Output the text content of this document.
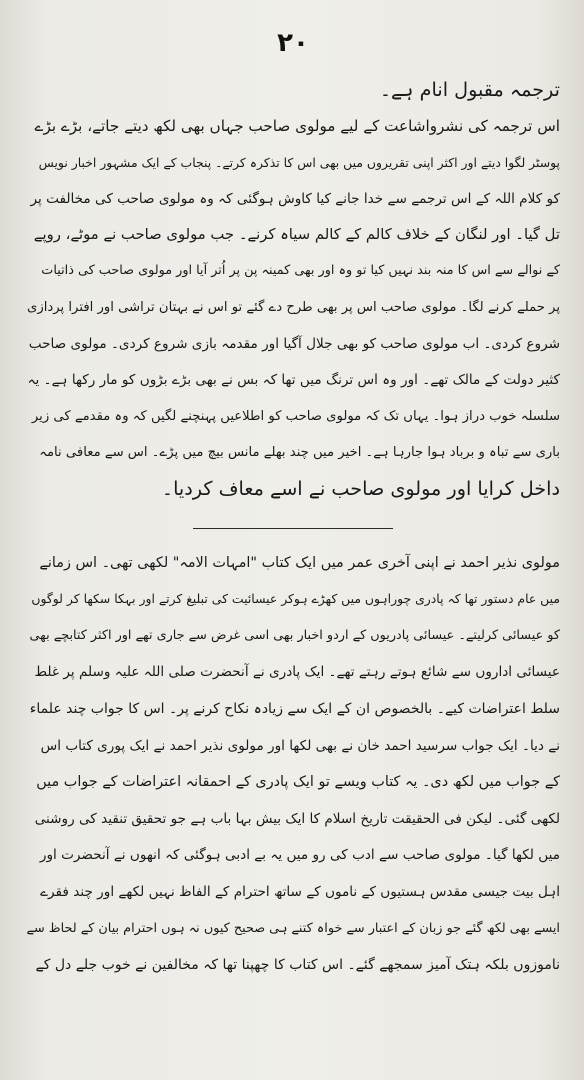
۲۰
ترجمہ مقبول انام ہے۔
اس ترجمہ کی نشرواشاعت کے لیے مولوی صاحب جہاں بھی لکھ دیتے جاتے، بڑے بڑے
پوسٹر لگوا دیتے اور اکثر اپنی تقریروں میں بھی اس کا تذکرہ کرتے۔ پنجاب کے ایک مشہور اخبار نویس
کو کلام اللہ کے اس ترجمے سے خدا جانے کیا کاوش ہوگئی کہ وہ مولوی صاحب کی مخالفت پر
تل گیا۔ اور لنگان کے خلاف کالم کے کالم سیاہ کرنے۔ جب مولوی صاحب نے موٹے، روپے
کے نوالے سے اس کا منہ بند نہیں کیا تو وہ اور بھی کمینہ پن پر اُتر آیا اور مولوی صاحب کی ذاتیات
پر حملے کرنے لگا۔ مولوی صاحب اس پر بھی طرح دے گئے تو اس نے بہتان تراشی اور افترا پردازی
شروع کردی۔ اب مولوی صاحب کو بھی جلال آگیا اور مقدمہ بازی شروع کردی۔ مولوی صاحب
کثیر دولت کے مالک تھے۔ اور وہ اس ترنگ میں تھا کہ بس نے بھی بڑے بڑوں کو مار رکھا ہے۔ یہ
سلسلہ خوب دراز ہوا۔ یہاں تک کہ مولوی صاحب کو اطلاعیں پہنچنے لگیں کہ وہ مقدمے کی زیر
باری سے تباہ و برباد ہوا جارہا ہے۔ اخیر میں چند بھلے مانس بیچ میں پڑے۔ اس سے معافی نامہ
داخل کرایا اور مولوی صاحب نے اسے معاف کردیا۔
مولوی نذیر احمد نے اپنی آخری عمر میں ایک کتاب "امہات الامہ" لکھی تھی۔ اس زمانے
میں عام دستور تھا کہ پادری چوراہوں میں کھڑے ہوکر عیسائیت کی تبلیغ کرتے اور بہکا سکھا کر لوگوں
کو عیسائی کرلیتے۔ عیسائی پادریوں کے اردو اخبار بھی اسی غرض سے جاری تھے اور اکثر کتابچے بھی
عیسائی اداروں سے شائع ہوتے رہتے تھے۔ ایک پادری نے آنحضرت صلی اللہ علیہ وسلم پر غلط
سلط اعتراضات کیے۔ بالخصوص ان کے ایک سے زیادہ نکاح کرنے پر۔ اس کا جواب چند علماء
نے دیا۔ ایک جواب سرسید احمد خان نے بھی لکھا اور مولوی نذیر احمد نے ایک پوری کتاب اس
کے جواب میں لکھ دی۔ یہ کتاب ویسے تو ایک پادری کے احمقانہ اعتراضات کے جواب میں
لکھی گئی۔ لیکن فی الحقیقت تاریخ اسلام کا ایک بیش بہا باب ہے جو تحقیق تنقید کی روشنی
میں لکھا گیا۔ مولوی صاحب سے ادب کی رو میں یہ بے ادبی ہوگئی کہ انھوں نے آنحضرت اور
اہل بیت جیسی مقدس ہستیوں کے ناموں کے ساتھ احترام کے الفاظ نہیں لکھے اور چند فقرے
ایسے بھی لکھ گئے جو زبان کے اعتبار سے خواہ کتنے ہی صحیح کیوں نہ ہوں احترام بیان کے لحاظ سے
ناموزوں بلکہ ہتک آمیز سمجھے گئے۔ اس کتاب کا چھپنا تھا کہ مخالفین نے خوب جلے دل کے
